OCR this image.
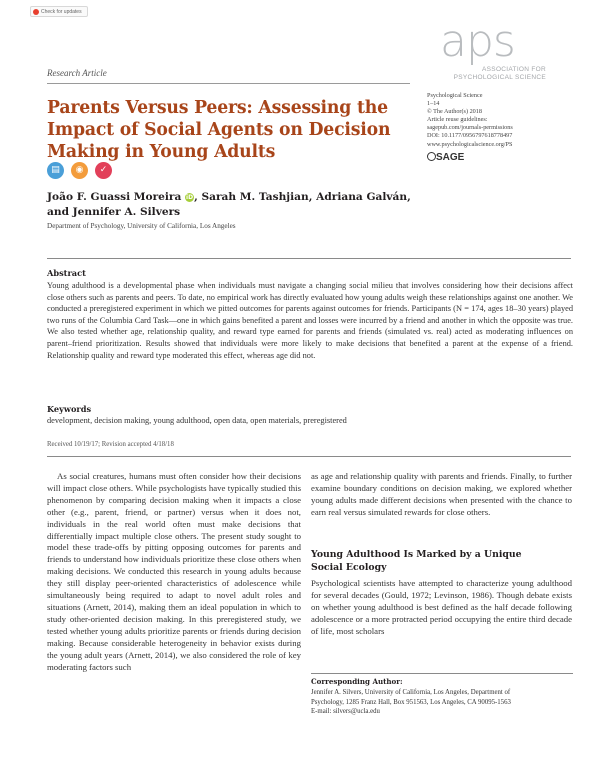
Check for updates
aps
ASSOCIATION FOR
PSYCHOLOGICAL SCIENCE
Research Article
Parents Versus Peers: Assessing the Impact of Social Agents on Decision Making in Young Adults
Psychological Science
1–14
© The Author(s) 2018
Article reuse guidelines:
sagepub.com/journals-permissions
DOI: 10.1177/0956797618778497
www.psychologicalscience.org/PS
SAGE
▤	◉	✓
João F. Guassi Moreira iD, Sarah M. Tashjian, Adriana Galván,
and Jennifer A. Silvers
Department of Psychology, University of California, Los Angeles
Abstract
Young adulthood is a developmental phase when individuals must navigate a changing social milieu that involves considering how their decisions affect close others such as parents and peers. To date, no empirical work has directly evaluated how young adults weigh these relationships against one another. We conducted a preregistered experiment in which we pitted outcomes for parents against outcomes for friends. Participants (N = 174, ages 18–30 years) played two runs of the Columbia Card Task—one in which gains benefited a parent and losses were incurred by a friend and another in which the opposite was true. We also tested whether age, relationship quality, and reward type earned for parents and friends (simulated vs. real) acted as moderating influences on parent–friend prioritization. Results showed that individuals were more likely to make decisions that benefited a parent at the expense of a friend. Relationship quality and reward type moderated this effect, whereas age did not.
Keywords
development, decision making, young adulthood, open data, open materials, preregistered
Received 10/19/17; Revision accepted 4/18/18
As social creatures, humans must often consider how their decisions will impact close others. While psychologists have typically studied this phenomenon by comparing decision making when it impacts a close other (e.g., parent, friend, or partner) versus when it does not, individuals in the real world often must make decisions that differentially impact multiple close others. The present study sought to model these trade-offs by pitting opposing outcomes for parents and friends to understand how individuals prioritize these close others when making decisions. We conducted this research in young adults because they still display peer-oriented characteristics of adolescence while simultaneously being required to adapt to novel adult roles and situations (Arnett, 2014), making them an ideal population in which to study other-oriented decision making. In this preregistered study, we tested whether young adults prioritize parents or friends during decision making. Because considerable heterogeneity in behavior exists during the young adult years (Arnett, 2014), we also considered the role of key moderating factors such
as age and relationship quality with parents and friends. Finally, to further examine boundary conditions on decision making, we explored whether young adults made different decisions when presented with the chance to earn real versus simulated rewards for close others.
Young Adulthood Is Marked by a Unique Social Ecology
Psychological scientists have attempted to characterize young adulthood for several decades (Gould, 1972; Levinson, 1986). Though debate exists on whether young adulthood is best defined as the half decade following adolescence or a more protracted period occupying the entire third decade of life, most scholars
Corresponding Author:
Jennifer A. Silvers, University of California, Los Angeles, Department of Psychology, 1285 Franz Hall, Box 951563, Los Angeles, CA 90095-1563
E-mail: silvers@ucla.edu
